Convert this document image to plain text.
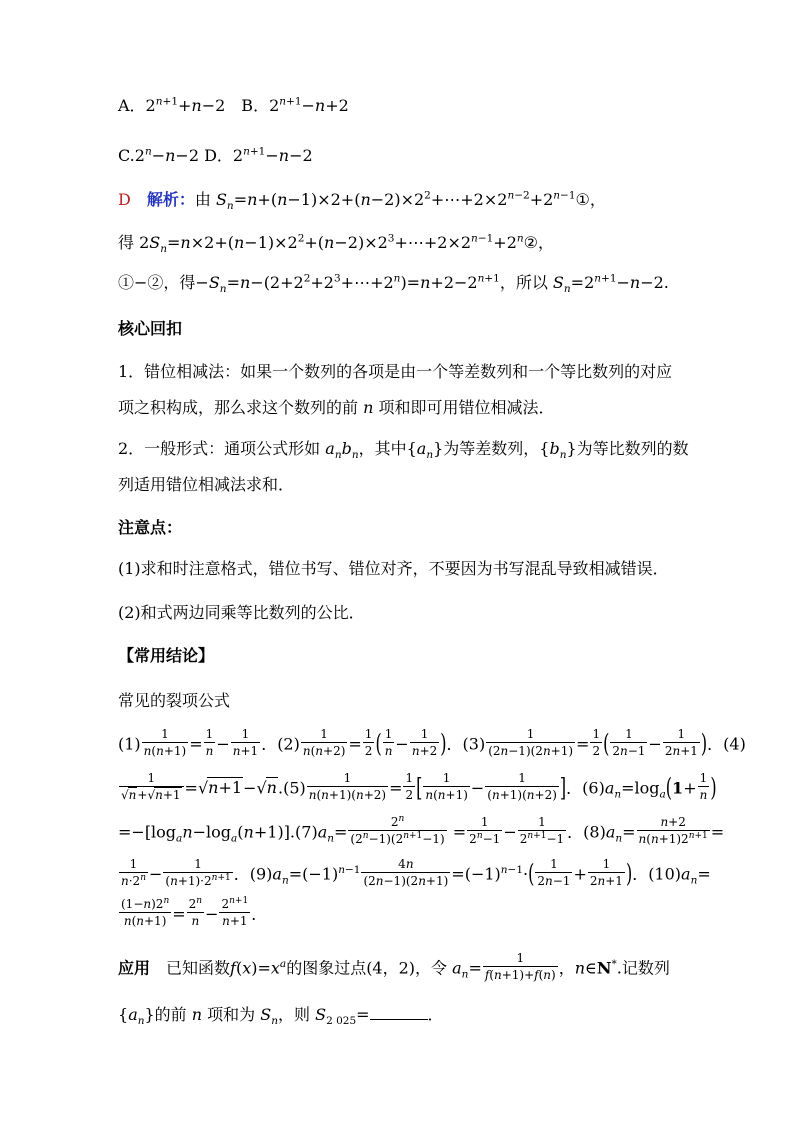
A．$2^{n+1}+n-2$　B．$2^{n+1}-n+2$
$C.2^n-n-2$ D．$2^{n+1}-n-2$
D　 解析：由 $S_n=n+(n-1)\times 2+(n-2)\times 2^2+\cdots+2\times 2^{n-2}+2^{n-1}①$，
得 $2S_n=n\times 2+(n-1)\times 2^2+(n-2)\times 2^3+\cdots+2\times 2^{n-1}+2^n②$，
①−②，得$-S_n=n-(2+2^2+2^3+\cdots+2^n)=n+2-2^{n+1}$，所以 $S_n=2^{n+1}-n-2$.
核心回扣
1．错位相减法：如果一个数列的各项是由一个等差数列和一个等比数列的对应
项之积构成，那么求这个数列的前 n 项和即可用错位相减法．
2．一般形式：通项公式形如 $a_nb_n$，其中$\{a_n\}$为等差数列，$\{b_n\}$为等比数列的数
列适用错位相减法求和．
注意点：
(1)求和时注意格式，错位书写、错位对齐，不要因为书写混乱导致相减错误．
(2)和式两边同乘等比数列的公比．
【常用结论】
常见的裂项公式
$(1) \frac{1}{n(n+1)} = \frac{1}{n} - \frac{1}{n+1}$ ．$(2) \frac{1}{n(n+2)} = \frac{1}{2}$ ( $\frac{1}{n} - \frac{1}{n+2}$ )．$(3) \frac{1}{(2n-1)(2n+1)} = \frac{1}{2}$ ( $\frac{1}{2n-1} - \frac{1}{2n+1}$ )．(4)
$\frac{1}{√n+√n+1} =√n+1-√n.(5) \frac{1}{n(n+1)(n+2)} = \frac{1}{2}$ [ $\frac{1}{n(n+1)} - \frac{1}{(n+1)(n+2)}$ ]．$(6)a_n=\log_a(1+ \frac{1}{n}$ )
$=-[\log_an-\log_a(n+1)].(7)a_n= \frac{2^n}{(2^n-1)(2^{n+1}-1)} = \frac{1}{2^n-1} - \frac{1}{2^{n+1}-1}$ ．$(8)a_n= \frac{n+2}{n(n+1)2^{n+1}}$ =
$\frac{1}{n\cdot 2^n} - \frac{1}{(n+1)\cdot 2^{n+1}}$ ．$(9)a_n=(-1)^{n-1} \frac{4n}{(2n-1)(2n+1)} =(-1)^{n-1}\cdot( \frac{1}{2n-1} + \frac{1}{2n+1}$ )．$(10)a_n=$
$\frac{(1-n)2^n}{n(n+1)} = \frac{2^n}{n} - \frac{2^{n+1}}{n+1}$ ．
应用　已知函数$f(x)=x^a$的图象过点(4，2)，令 $a_n= \frac{1}{f(n+1)+f(n)}$ ，n∈N*.记数列
$\{a_n\}$的前 n 项和为 $S_n$，则 $S_{2 025}=$	．
